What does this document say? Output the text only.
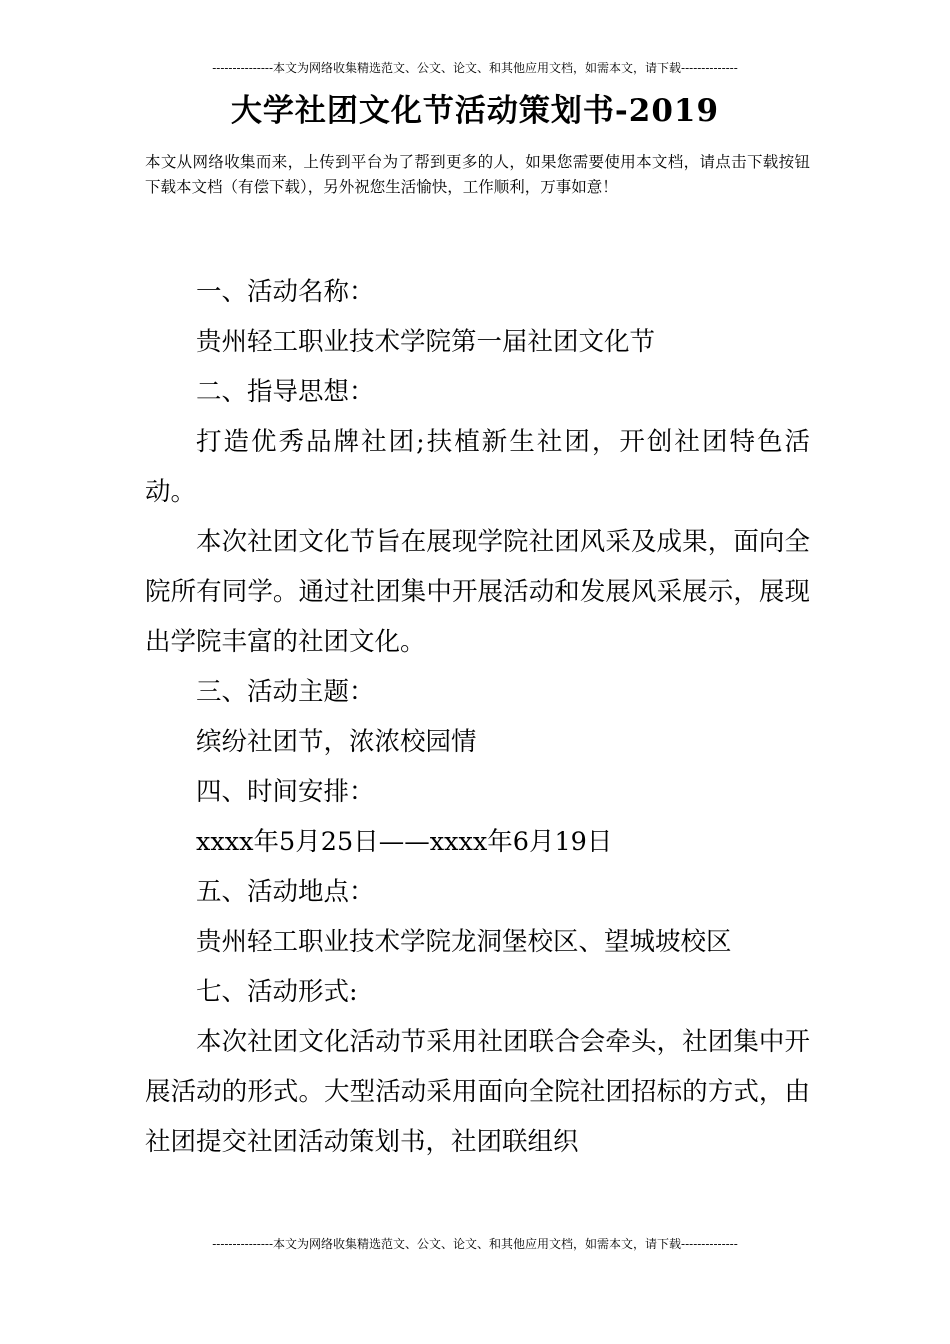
---------------本文为网络收集精选范文、公文、论文、和其他应用文档，如需本文，请下载--------------
大学社团文化节活动策划书-2019
本文从网络收集而来，上传到平台为了帮到更多的人，如果您需要使用本文档，请点击下载按钮下载本文档（有偿下载），另外祝您生活愉快，工作顺利，万事如意！

一、活动名称：

贵州轻工职业技术学院第一届社团文化节

二、指导思想：

打造优秀品牌社团;扶植新生社团，开创社团特色活动。

本次社团文化节旨在展现学院社团风采及成果，面向全院所有同学。通过社团集中开展活动和发展风采展示，展现出学院丰富的社团文化。

三、活动主题：

缤纷社团节，浓浓校园情

四、时间安排：

xxxx年5月25日——xxxx年6月19日

五、活动地点：

贵州轻工职业技术学院龙洞堡校区、望城坡校区

七、活动形式:

本次社团文化活动节采用社团联合会牵头，社团集中开展活动的形式。大型活动采用面向全院社团招标的方式，由社团提交社团活动策划书，社团联组织

---------------本文为网络收集精选范文、公文、论文、和其他应用文档，如需本文，请下载--------------
